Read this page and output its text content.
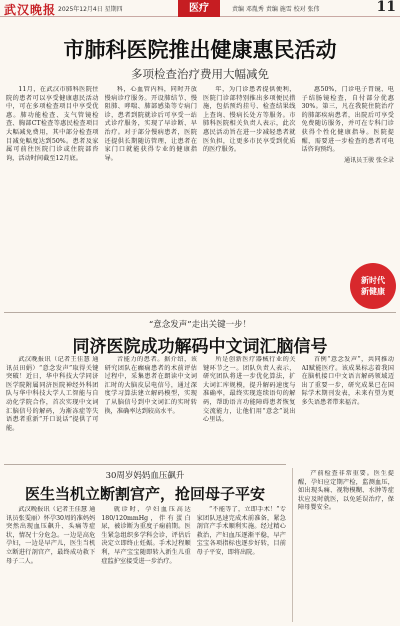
武汉晚报 2025年12月4日 星期四	医疗	责编 邓胤秀 责编 施雪 校对 张伟	11
市肺科医院推出健康惠民活动
多项检查治疗费用大幅减免

11月，在武汉市肺科医院住院的患者可以享受健康惠民活动中，可在多项检查项目中享受优惠。肺功能检查、支气管镜检查、胸部CT检查等惠民检查项目大幅减免费用，其中部分检查项目减免幅度达到50%。患者及家属可前往医院门诊或住院部咨询，活动时间截至12月底。

科，心血管内科，同时开放慢病诊疗服务。开设肺结节、慢阻肺、哮喘、肺部感染等专病门诊，患者到院就诊后可享受一站式诊疗服务，实现了早诊断、早治疗。对于部分慢病患者，医院还提供长期随访管理，让患者在家门口就能获得专业的健康指导。

年，为门诊患者提供便利，医院门诊部特别推出多项便民措施，包括预约挂号、检查结果线上查询、慢病长处方等服务。市肺科医院相关负责人表示，此次惠民活动旨在进一步减轻患者就医负担，让更多市民享受到优质的医疗服务。

惠50%，门诊电子胃镜、电子结肠镜检查，自付部分优惠30%。第三，凡在我院住院治疗的肺部疾病患者，出院后可享受免费随访服务，并可在专科门诊获得个性化健康指导。医院提醒，需要进一步检查的患者可电话咨询预约。

通讯员王骏 张全录
新时代
新健康
“意念发声”走出关键一步！
同济医院成功解码中文词汇脑信号

武汉晚报讯（记者王佳慧 通讯员田娟）“意念发声”取得关键突破！近日，华中科技大学同济医学院附属同济医院神经外科团队与华中科技大学人工智能与自动化学院合作，首次实现中文词汇脑信号的解码，为渐冻症等失语患者重新“开口说话”提供了可能。

音能力的患者。据介绍，该研究团队在癫痫患者的术前评估过程中，采集患者在朗读中文词汇时的大脑皮层电信号，通过深度学习算法建立解码模型，实现了从脑信号到中文词汇的实时转换，准确率达到较高水平。

所是创新医疗器械行业的关键环节之一。团队负责人表示，研究团队将进一步优化算法，扩大词汇库规模，提升解码速度与准确率，最终实现连续语句的解码，帮助语言功能障碍患者恢复交流能力，让他们用“意念”说出心里话。

首例“意念发声”，共同推动AI赋能医疗。该成果标志着我国在脑机接口中文语言解码领域迈出了重要一步，研究成果已在国际学术期刊发表，未来有望为更多失语患者带来福音。

30周岁妈妈血压飙升
医生当机立断割宫产，抢回母子平安

武汉晚报讯（记者王佳慧 通讯员张雯丽）怀孕30周的准妈妈突然出现血压飙升、头痛等症状，情况十分危急。一边是高危孕妇，一边是早产儿，医生当机立断进行剖宫产，最终成功救下母子二人。

就诊时，孕妇血压高达180/120mmHg，伴有蛋白尿，被诊断为重度子痫前期。医生紧急组织多学科会诊，评估后决定立即终止妊娠。手术过程顺利，早产宝宝随即转入新生儿重症监护室接受进一步治疗。

“不能等了，立即手术！”专家团队迅速完成术前准备，紧急剖宫产手术顺利实施。经过精心救治，产妇血压逐渐平稳，早产宝宝各项指标也逐步好转，目前母子平安，即将出院。

产前检查非常重要。医生提醒，孕妇应定期产检，监测血压，如出现头痛、视物模糊、水肿等症状应及时就医，以免延误治疗，保障母婴安全。
